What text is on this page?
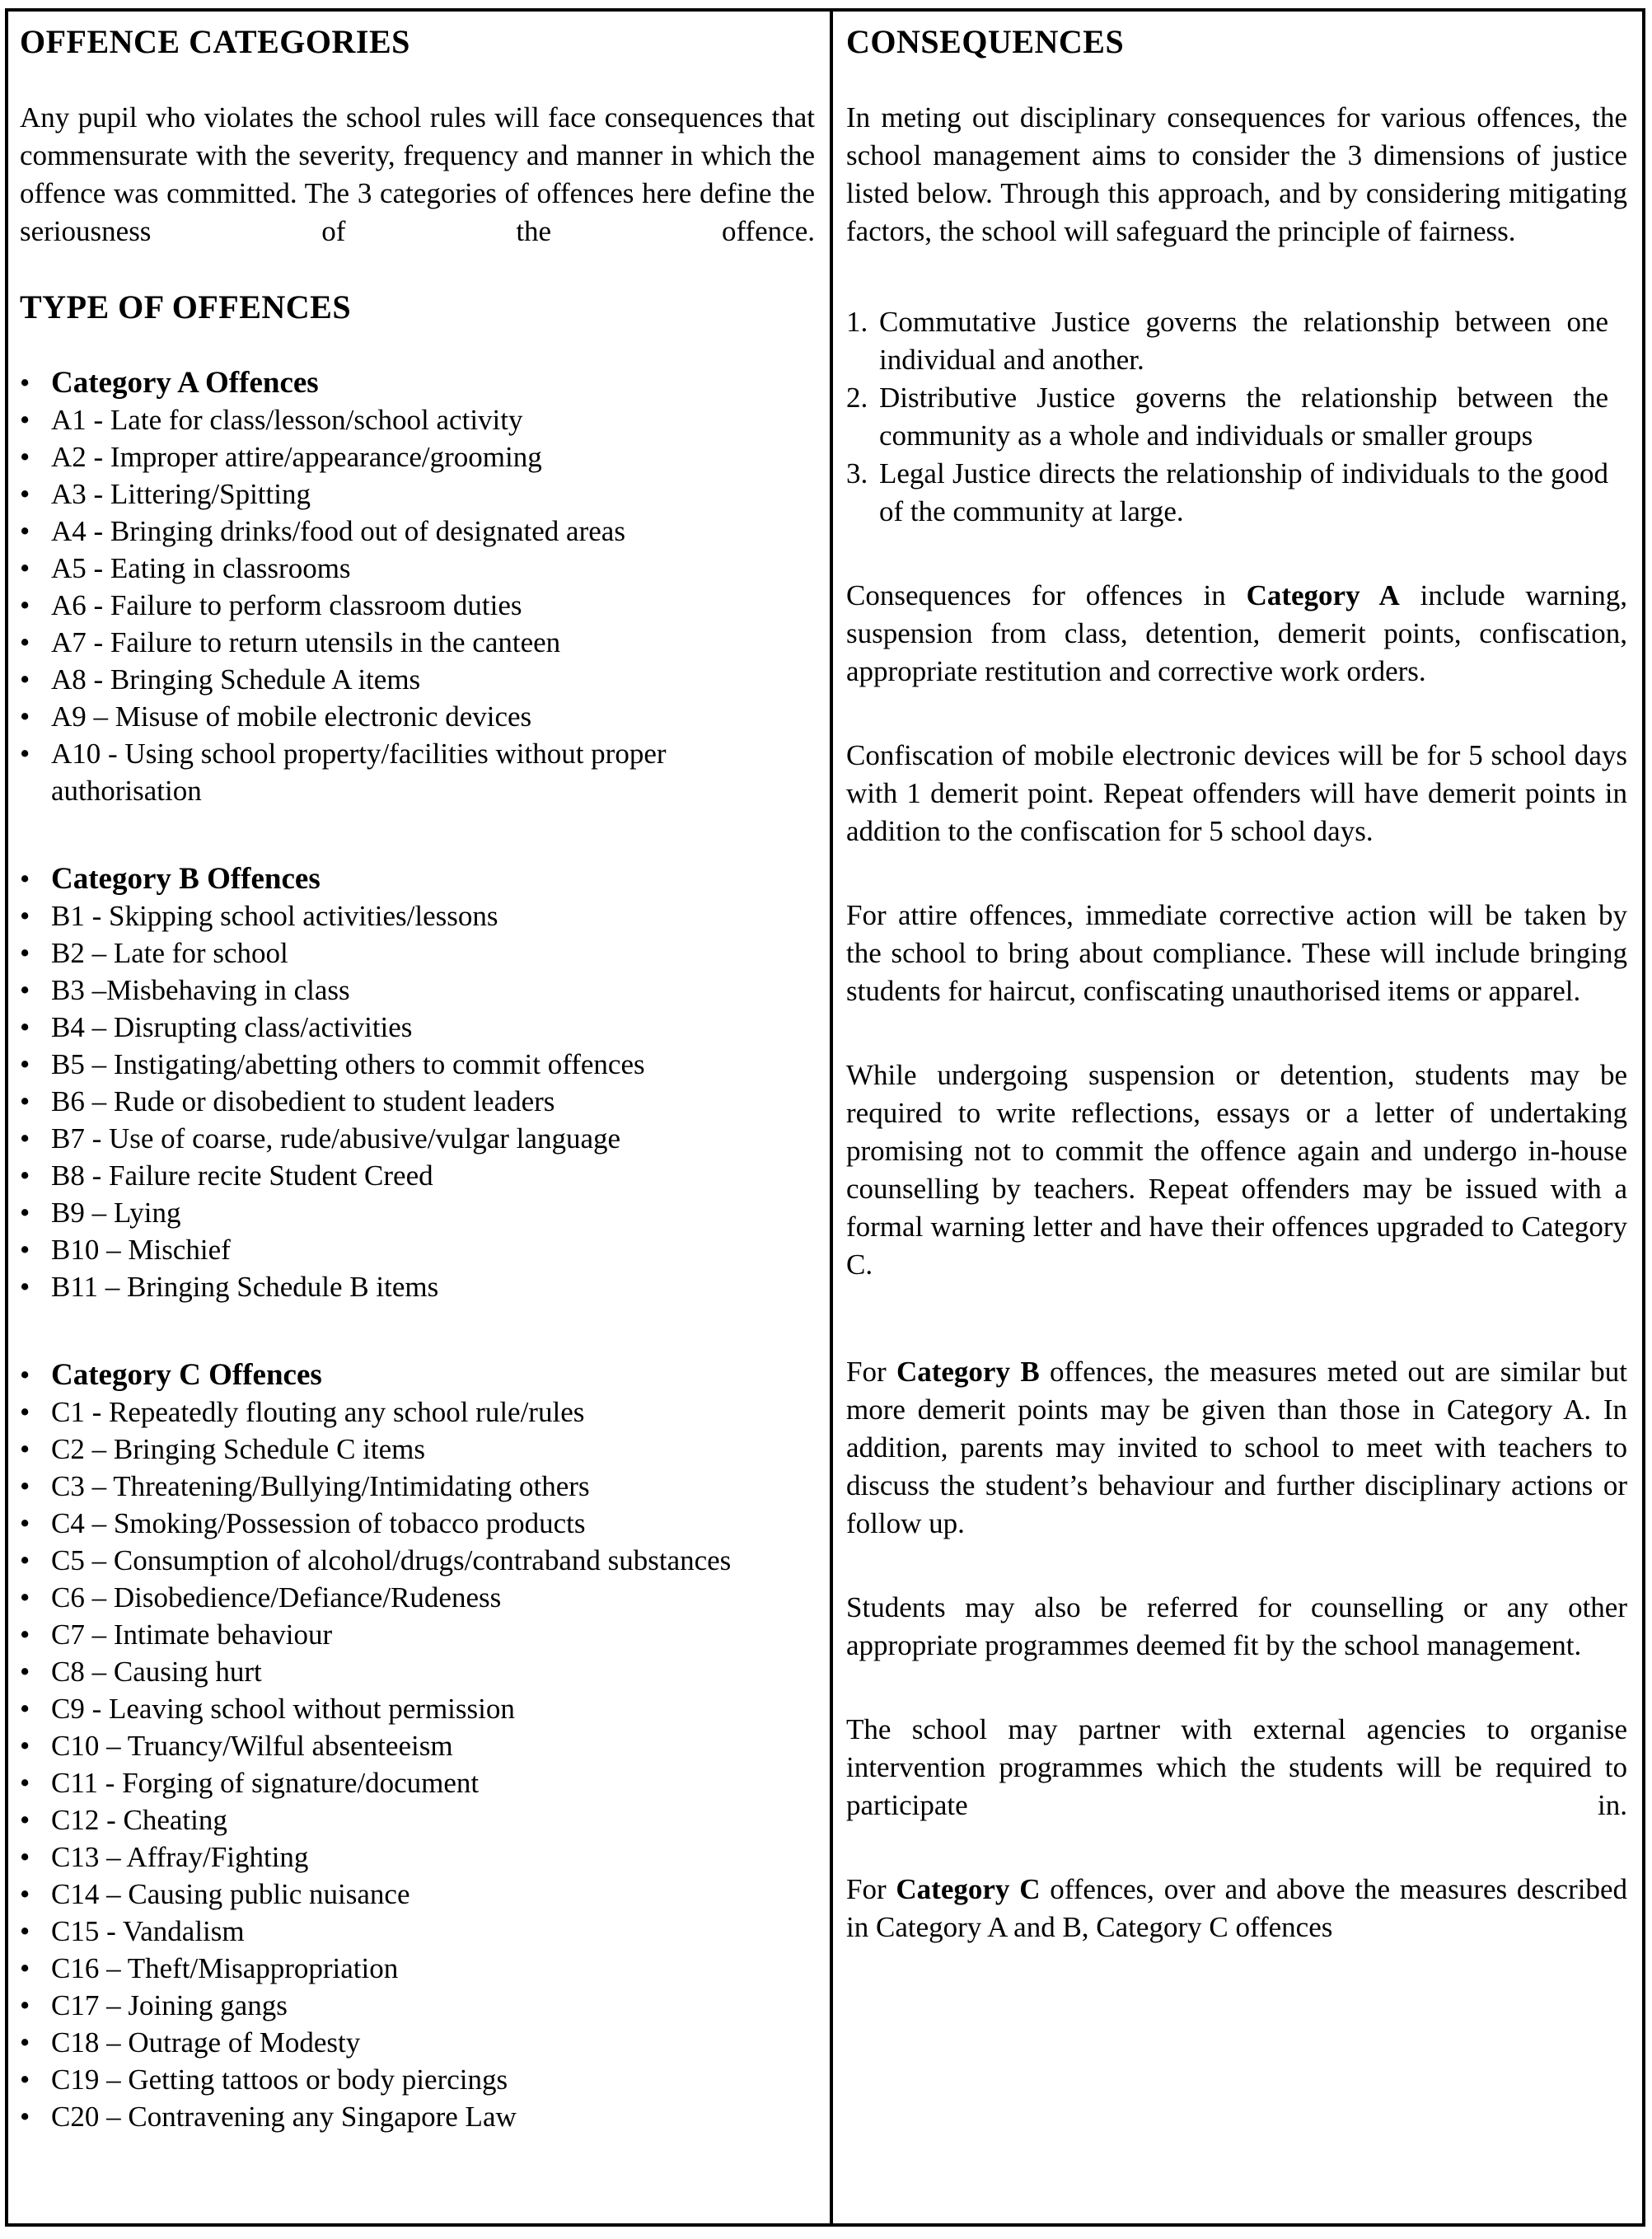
OFFENCE CATEGORIES

Any pupil who violates the school rules will face consequences that commensurate with the severity, frequency and manner in which the offence was committed. The 3 categories of offences here define the seriousness of the offence.

TYPE OF OFFENCES
• Category A Offences
• A1 - Late for class/lesson/school activity
• A2 - Improper attire/appearance/grooming
• A3 - Littering/Spitting
• A4 - Bringing drinks/food out of designated areas
• A5 - Eating in classrooms
• A6 - Failure to perform classroom duties
• A7 - Failure to return utensils in the canteen
• A8 - Bringing Schedule A items
• A9 – Misuse of mobile electronic devices
• A10 - Using school property/facilities without proper authorisation
• Category B Offences
• B1 - Skipping school activities/lessons
• B2 – Late for school
• B3 –Misbehaving in class
• B4 – Disrupting class/activities
• B5 – Instigating/abetting others to commit offences
• B6 – Rude or disobedient to student leaders
• B7 - Use of coarse, rude/abusive/vulgar language
• B8 - Failure recite Student Creed
• B9 – Lying
• B10 – Mischief
• B11 – Bringing Schedule B items
• Category C Offences
• C1 - Repeatedly flouting any school rule/rules
• C2 – Bringing Schedule C items
• C3 – Threatening/Bullying/Intimidating others
• C4 – Smoking/Possession of tobacco products
• C5 – Consumption of alcohol/drugs/contraband substances
• C6 – Disobedience/Defiance/Rudeness
• C7 – Intimate behaviour
• C8 – Causing hurt
• C9 - Leaving school without permission
• C10 – Truancy/Wilful absenteeism
• C11 - Forging of signature/document
• C12 - Cheating
• C13 – Affray/Fighting
• C14 – Causing public nuisance
• C15 - Vandalism
• C16 – Theft/Misappropriation
• C17 – Joining gangs
• C18 – Outrage of Modesty
• C19 – Getting tattoos or body piercings
• C20 – Contravening any Singapore Law
CONSEQUENCES

In meting out disciplinary consequences for various offences, the school management aims to consider the 3 dimensions of justice listed below. Through this approach, and by considering mitigating factors, the school will safeguard the principle of fairness.

1. Commutative Justice governs the relationship between one individual and another.
2. Distributive Justice governs the relationship between the community as a whole and individuals or smaller groups
3. Legal Justice directs the relationship of individuals to the good of the community at large.

Consequences for offences in Category A include warning, suspension from class, detention, demerit points, confiscation, appropriate restitution and corrective work orders.

Confiscation of mobile electronic devices will be for 5 school days with 1 demerit point. Repeat offenders will have demerit points in addition to the confiscation for 5 school days.

For attire offences, immediate corrective action will be taken by the school to bring about compliance. These will include bringing students for haircut, confiscating unauthorised items or apparel.

While undergoing suspension or detention, students may be required to write reflections, essays or a letter of undertaking promising not to commit the offence again and undergo in-house counselling by teachers. Repeat offenders may be issued with a formal warning letter and have their offences upgraded to Category C.

For Category B offences, the measures meted out are similar but more demerit points may be given than those in Category A. In addition, parents may invited to school to meet with teachers to discuss the student’s behaviour and further disciplinary actions or follow up.

Students may also be referred for counselling or any other appropriate programmes deemed fit by the school management.

The school may partner with external agencies to organise intervention programmes which the students will be required to participate in.

For Category C offences, over and above the measures described in Category A and B, Category C offences
